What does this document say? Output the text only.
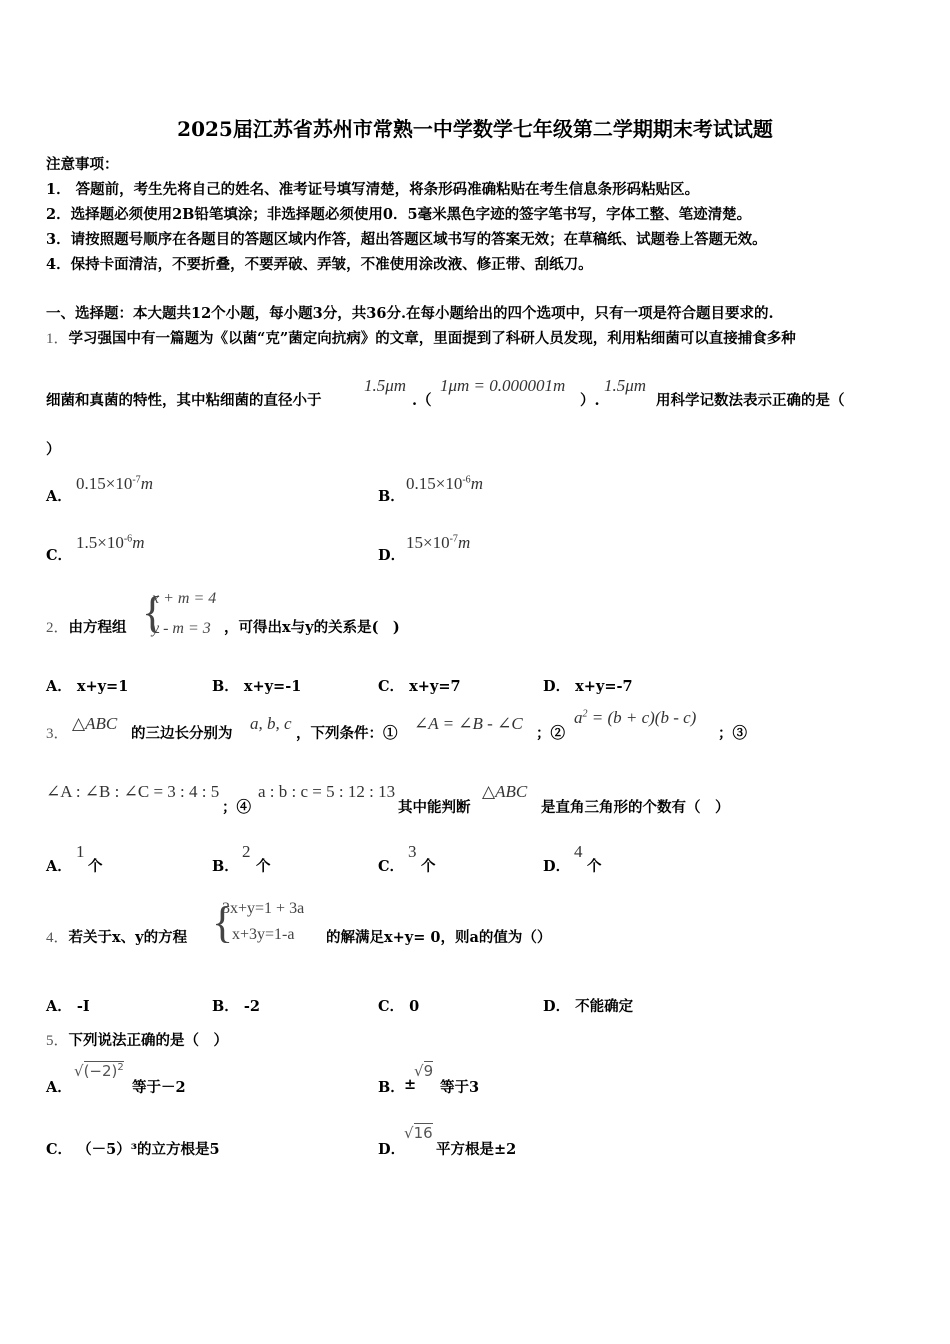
2025届江苏省苏州市常熟一中学数学七年级第二学期期末考试试题
注意事项：
1． 答题前，考生先将自己的姓名、准考证号填写清楚，将条形码准确粘贴在考生信息条形码粘贴区。
2．选择题必须使用2B铅笔填涂；非选择题必须使用0．5毫米黑色字迹的签字笔书写，字体工整、笔迹清楚。
3．请按照题号顺序在各题目的答题区域内作答，超出答题区域书写的答案无效；在草稿纸、试题卷上答题无效。
4．保持卡面清洁，不要折叠，不要弄破、弄皱，不准使用涂改液、修正带、刮纸刀。
一、选择题：本大题共12个小题，每小题3分，共36分.在每小题给出的四个选项中，只有一项是符合题目要求的.
1．学习强国中有一篇题为《以菌“克”菌定向抗病》的文章，里面提到了科研人员发现，利用粘细菌可以直接捕食多种
细菌和真菌的特性，其中粘细菌的直径小于
1.5μm
.（
1μm = 0.000001m
）.
1.5μm
用科学记数法表示正确的是（
）
A．
$0.15\times 10^{-7}m$
B．
$0.15\times 10^{-6}m$
C．
$1.5\times 10^{-6}m$
D．
$15\times 10^{-7}m$
2．由方程组 {
x + m = 4
y - m = 3 ，可得出x与y的关系是(　)
A． x+y=1	B． x+y=-1	C． x+y=7	D． x+y=-7
3．
△ABC
的三边长分别为
a, b, c
，下列条件：①
∠A = ∠B - ∠C
；②
$a^2 = (b + c)(b - c)$
；③
∠A : ∠B : ∠C = 3 : 4 : 5
；④
a : b : c = 5 : 12 : 13
其中能判断
△ABC
是直角三角形的个数有（　）
A．
1
个	B．
2
个	C．
3
个	D．
4
个
4．若关于x、y的方程 {
3x+y=1 + 3a
x+3y=1-a 的解满足x+y= 0，则a的值为（）
A． -I	B． -2	C． 0	D． 不能确定
5．下列说法正确的是（　）
A．
$√(-2)^2$
等于－2	B． ±
√9
等于3
C． （－5）³的立方根是5	D．
√16
平方根是±2
